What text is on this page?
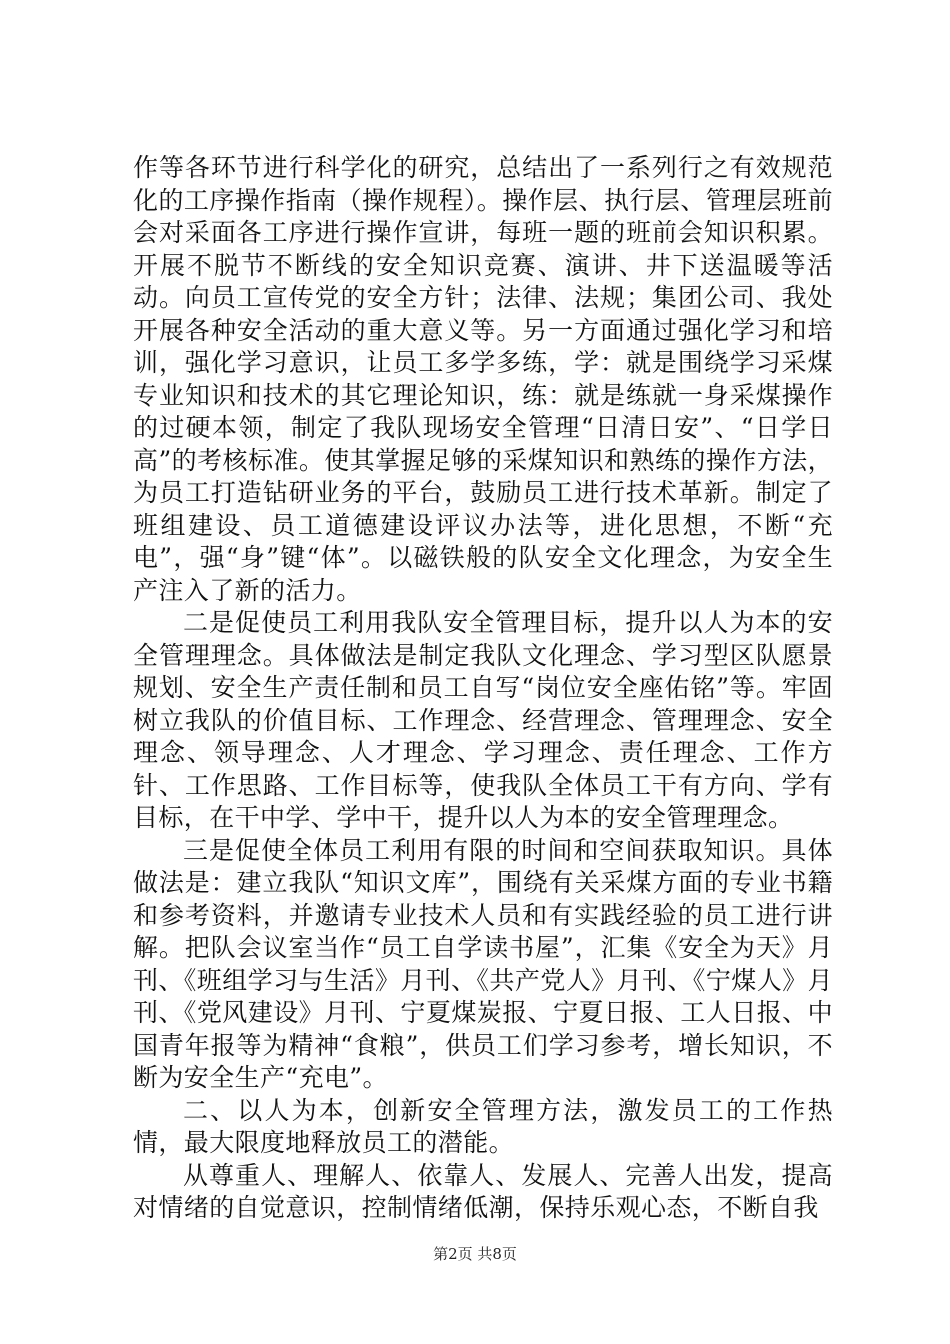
作等各环节进行科学化的研究，总结出了一系列行之有效规范化的工序操作指南（操作规程）。操作层、执行层、管理层班前会对采面各工序进行操作宣讲，每班一题的班前会知识积累。开展不脱节不断线的安全知识竞赛、演讲、井下送温暖等活动。向员工宣传党的安全方针；法律、法规；集团公司、我处开展各种安全活动的重大意义等。另一方面通过强化学习和培训，强化学习意识，让员工多学多练，学：就是围绕学习采煤专业知识和技术的其它理论知识，练：就是练就一身采煤操作的过硬本领，制定了我队现场安全管理“日清日安”、“日学日高”的考核标准。使其掌握足够的采煤知识和熟练的操作方法，为员工打造钻研业务的平台，鼓励员工进行技术革新。制定了班组建设、员工道德建设评议办法等，进化思想，不断“充电”，强“身”键“体”。以磁铁般的队安全文化理念，为安全生产注入了新的活力。

二是促使员工利用我队安全管理目标，提升以人为本的安全管理理念。具体做法是制定我队文化理念、学习型区队愿景规划、安全生产责任制和员工自写“岗位安全座佑铭”等。牢固树立我队的价值目标、工作理念、经营理念、管理理念、安全理念、领导理念、人才理念、学习理念、责任理念、工作方针、工作思路、工作目标等，使我队全体员工干有方向、学有目标，在干中学、学中干，提升以人为本的安全管理理念。

三是促使全体员工利用有限的时间和空间获取知识。具体做法是：建立我队“知识文库”，围绕有关采煤方面的专业书籍和参考资料，并邀请专业技术人员和有实践经验的员工进行讲解。把队会议室当作“员工自学读书屋”，汇集《安全为天》月刊、《班组学习与生活》月刊、《共产党人》月刊、《宁煤人》月刊、《党风建设》月刊、宁夏煤炭报、宁夏日报、工人日报、中国青年报等为精神“食粮”，供员工们学习参考，增长知识，不断为安全生产“充电”。

二、以人为本，创新安全管理方法，激发员工的工作热情，最大限度地释放员工的潜能。

从尊重人、理解人、依靠人、发展人、完善人出发，提高对情绪的自觉意识，控制情绪低潮，保持乐观心态，不断自我

第2页 共8页
